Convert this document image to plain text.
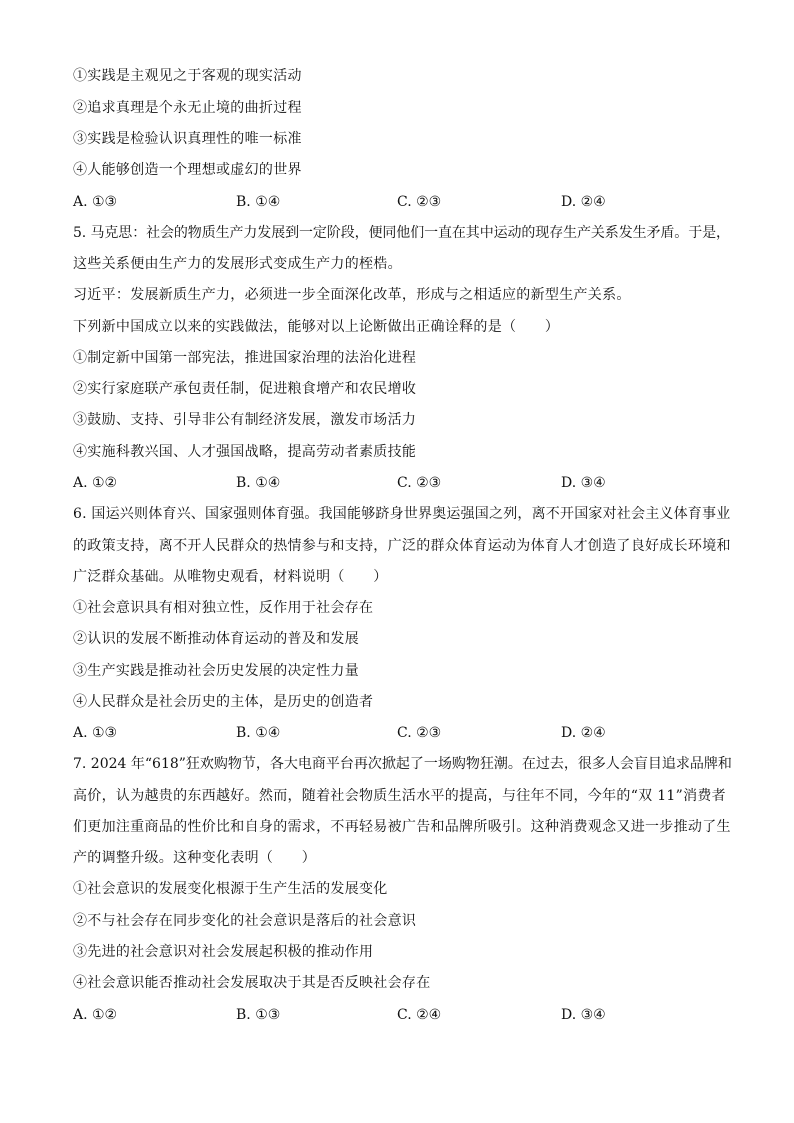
①实践是主观见之于客观的现实活动
②追求真理是个永无止境的曲折过程
③实践是检验认识真理性的唯一标准
④人能够创造一个理想或虚幻的世界
A. ①③	B. ①④	C. ②③	D. ②④
5. 马克思：社会的物质生产力发展到一定阶段，便同他们一直在其中运动的现存生产关系发生矛盾。于是，
这些关系便由生产力的发展形式变成生产力的桎梏。
习近平：发展新质生产力，必须进一步全面深化改革，形成与之相适应的新型生产关系。
下列新中国成立以来的实践做法，能够对以上论断做出正确诠释的是（　　）
①制定新中国第一部宪法，推进国家治理的法治化进程
②实行家庭联产承包责任制，促进粮食增产和农民增收
③鼓励、支持、引导非公有制经济发展，激发市场活力
④实施科教兴国、人才强国战略，提高劳动者素质技能
A. ①②	B. ①④	C. ②③	D. ③④
6. 国运兴则体育兴、国家强则体育强。我国能够跻身世界奥运强国之列，离不开国家对社会主义体育事业
的政策支持，离不开人民群众的热情参与和支持，广泛的群众体育运动为体育人才创造了良好成长环境和
广泛群众基础。从唯物史观看，材料说明（　　）
①社会意识具有相对独立性，反作用于社会存在
②认识的发展不断推动体育运动的普及和发展
③生产实践是推动社会历史发展的决定性力量
④人民群众是社会历史的主体，是历史的创造者
A. ①③	B. ①④	C. ②③	D. ②④
7. 2024 年“618”狂欢购物节，各大电商平台再次掀起了一场购物狂潮。在过去，很多人会盲目追求品牌和
高价，认为越贵的东西越好。然而，随着社会物质生活水平的提高，与往年不同，今年的“双 11”消费者
们更加注重商品的性价比和自身的需求，不再轻易被广告和品牌所吸引。这种消费观念又进一步推动了生
产的调整升级。这种变化表明（　　）
①社会意识的发展变化根源于生产生活的发展变化
②不与社会存在同步变化的社会意识是落后的社会意识
③先进的社会意识对社会发展起积极的推动作用
④社会意识能否推动社会发展取决于其是否反映社会存在
A. ①②	B. ①③	C. ②④	D. ③④
